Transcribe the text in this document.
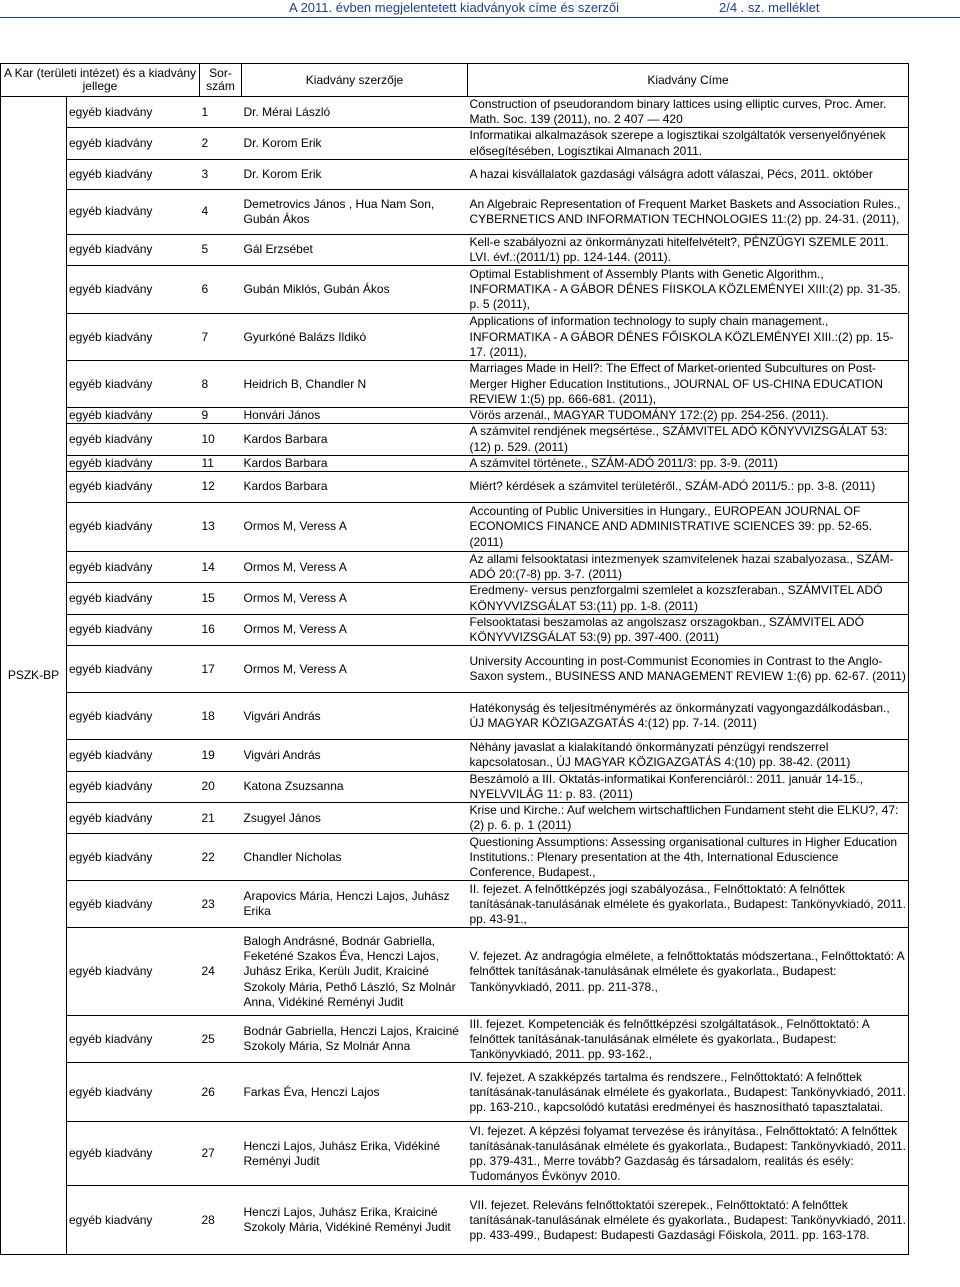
A 2011. évben megjelentetett kiadványok címe és szerzői	2/4 . sz. melléklet
A Kar (területi intézet) és a kiadvány jellege		Sor-szám	Kiadvány szerzője	Kiadvány Címe
PSZK-BP	egyéb kiadvány	1	Dr. Mérai László	Construction of pseudorandom binary lattices using elliptic curves, Proc. Amer. Math. Soc. 139 (2011), no. 2 407 — 420
	egyéb kiadvány	2	Dr. Korom Erik	Informatikai alkalmazások szerepe a logisztikai szolgáltatók versenyelőnyének elősegítésében, Logisztikai Almanach 2011.
	egyéb kiadvány	3	Dr. Korom Erik	A hazai kisvállalatok gazdasági válságra adott válaszai, Pécs, 2011. október
	egyéb kiadvány	4	Demetrovics János , Hua Nam Son, Gubán Ákos	An Algebraic Representation of Frequent Market Baskets and Association Rules., CYBERNETICS AND INFORMATION TECHNOLOGIES 11:(2) pp. 24-31. (2011),
	egyéb kiadvány	5	Gál Erzsébet	Kell-e szabályozni az önkormányzati hitelfelvételt?, PÉNZÜGYI SZEMLE 2011. LVI. évf.:(2011/1) pp. 124-144. (2011).
	egyéb kiadvány	6	Gubán Miklós, Gubán Ákos	Optimal Establishment of Assembly Plants with Genetic Algorithm., INFORMATIKA - A GÁBOR DÉNES FİISKOLA KÖZLEMÉNYEI XIII:(2) pp. 31-35. p. 5 (2011),
	egyéb kiadvány	7	Gyurkóné Balázs Ildikó	Applications of information technology to suply chain management., INFORMATIKA - A GÁBOR DÉNES FŐISKOLA KÖZLEMÉNYEI XIII.:(2) pp. 15-17. (2011),
	egyéb kiadvány	8	Heidrich B, Chandler N	Marriages Made in Hell?: The Effect of Market-oriented Subcultures on Post-Merger Higher Education Institutions., JOURNAL OF US-CHINA EDUCATION REVIEW 1:(5) pp. 666-681. (2011),
	egyéb kiadvány	9	Honvári János	Vörös arzenál., MAGYAR TUDOMÁNY 172:(2) pp. 254-256. (2011).
	egyéb kiadvány	10	Kardos Barbara	A számvitel rendjének megsértése., SZÁMVITEL ADÓ KÖNYVVIZSGÁLAT 53:(12) p. 529. (2011)
	egyéb kiadvány	11	Kardos Barbara	A számvitel története., SZÁM-ADÓ 2011/3: pp. 3-9. (2011)
	egyéb kiadvány	12	Kardos Barbara	Miért? kérdések a számvitel területéről., SZÁM-ADÓ 2011/5.: pp. 3-8. (2011)
	egyéb kiadvány	13	Ormos M, Veress A	Accounting of Public Universities in Hungary., EUROPEAN JOURNAL OF ECONOMICS FINANCE AND ADMINISTRATIVE SCIENCES 39: pp. 52-65. (2011)
	egyéb kiadvány	14	Ormos M, Veress A	Az allami felsooktatasi intezmenyek szamvitelenek hazai szabalyozasa., SZÁM-ADÓ 20:(7-8) pp. 3-7. (2011)
	egyéb kiadvány	15	Ormos M, Veress A	Eredmeny- versus penzforgalmi szemlelet a kozszferaban., SZÁMVITEL ADÓ KÖNYVVIZSGÁLAT 53:(11) pp. 1-8. (2011)
	egyéb kiadvány	16	Ormos M, Veress A	Felsooktatasi beszamolas az angolszasz orszagokban., SZÁMVITEL ADÓ KÖNYVVIZSGÁLAT 53:(9) pp. 397-400. (2011)
	egyéb kiadvány	17	Ormos M, Veress A	University Accounting in post-Communist Economies in Contrast to the Anglo-Saxon system., BUSINESS AND MANAGEMENT REVIEW 1:(6) pp. 62-67. (2011)
	egyéb kiadvány	18	Vigvári András	Hatékonyság és teljesítménymérés az önkormányzati vagyongazdálkodásban., ÚJ MAGYAR KÖZIGAZGATÁS 4:(12) pp. 7-14. (2011)
	egyéb kiadvány	19	Vigvári András	Néhány javaslat a kialakítandó önkormányzati pénzügyi rendszerrel kapcsolatosan., ÚJ MAGYAR KÖZIGAZGATÁS 4:(10) pp. 38-42. (2011)
	egyéb kiadvány	20	Katona Zsuzsanna	Beszámoló a III. Oktatás-informatikai Konferenciáról.: 2011. január 14-15., NYELVVILÁG 11: p. 83. (2011)
	egyéb kiadvány	21	Zsugyel János	Krise und Kirche.: Auf welchem wirtschaftlichen Fundament steht die ELKU?, 47:(2) p. 6. p. 1 (2011)
	egyéb kiadvány	22	Chandler Nicholas	Questioning Assumptions: Assessing organisational cultures in Higher Education Institutions.: Plenary presentation at the 4th, International Eduscience Conference, Budapest.,
	egyéb kiadvány	23	Arapovics Mária, Henczi Lajos, Juhász Erika	II. fejezet. A felnőttképzés jogi szabályozása., Felnőttoktató: A felnőttek tanításának-tanulásának elmélete és gyakorlata., Budapest: Tankönyvkiadó, 2011. pp. 43-91.,
	egyéb kiadvány	24	Balogh Andrásné, Bodnár Gabriella, Feketéné Szakos Éva, Henczi Lajos, Juhász Erika, Kerülı Judit, Kraiciné Szokoly Mária, Pethő László, Sz Molnár Anna, Vidékiné Reményi Judit	V. fejezet. Az andragógia elmélete, a felnőttoktatás módszertana., Felnőttoktató: A felnőttek tanításának-tanulásának elmélete és gyakorlata., Budapest: Tankönyvkiadó, 2011. pp. 211-378.,
	egyéb kiadvány	25	Bodnár Gabriella, Henczi Lajos, Kraiciné Szokoly Mária, Sz Molnár Anna	III. fejezet. Kompetenciák és felnőttképzési szolgáltatások., Felnőttoktató: A felnőttek tanításának-tanulásának elmélete és gyakorlata., Budapest: Tankönyvkiadó, 2011. pp. 93-162.,
	egyéb kiadvány	26	Farkas Éva, Henczi Lajos	IV. fejezet. A szakképzés tartalma és rendszere., Felnőttoktató: A felnőttek tanításának-tanulásának elmélete és gyakorlata., Budapest: Tankönyvkiadó, 2011. pp. 163-210., kapcsolódó kutatási eredményei és hasznosítható tapasztalatai.
	egyéb kiadvány	27	Henczi Lajos, Juhász Erika, Vidékiné Reményi Judit	VI. fejezet. A képzési folyamat tervezése és irányítása., Felnőttoktató: A felnőttek tanításának-tanulásának elmélete és gyakorlata., Budapest: Tankönyvkiadó, 2011. pp. 379-431., Merre tovább? Gazdaság és társadalom, realitás és esély: Tudományos Évkönyv 2010.
	egyéb kiadvány	28	Henczi Lajos, Juhász Erika, Kraiciné Szokoly Mária, Vidékiné Reményi Judit	VII. fejezet. Releváns felnőttoktatói szerepek., Felnőttoktató: A felnőttek tanításának-tanulásának elmélete és gyakorlata., Budapest: Tankönyvkiadó, 2011. pp. 433-499., Budapest: Budapesti Gazdasági Főiskola, 2011. pp. 163-178.
